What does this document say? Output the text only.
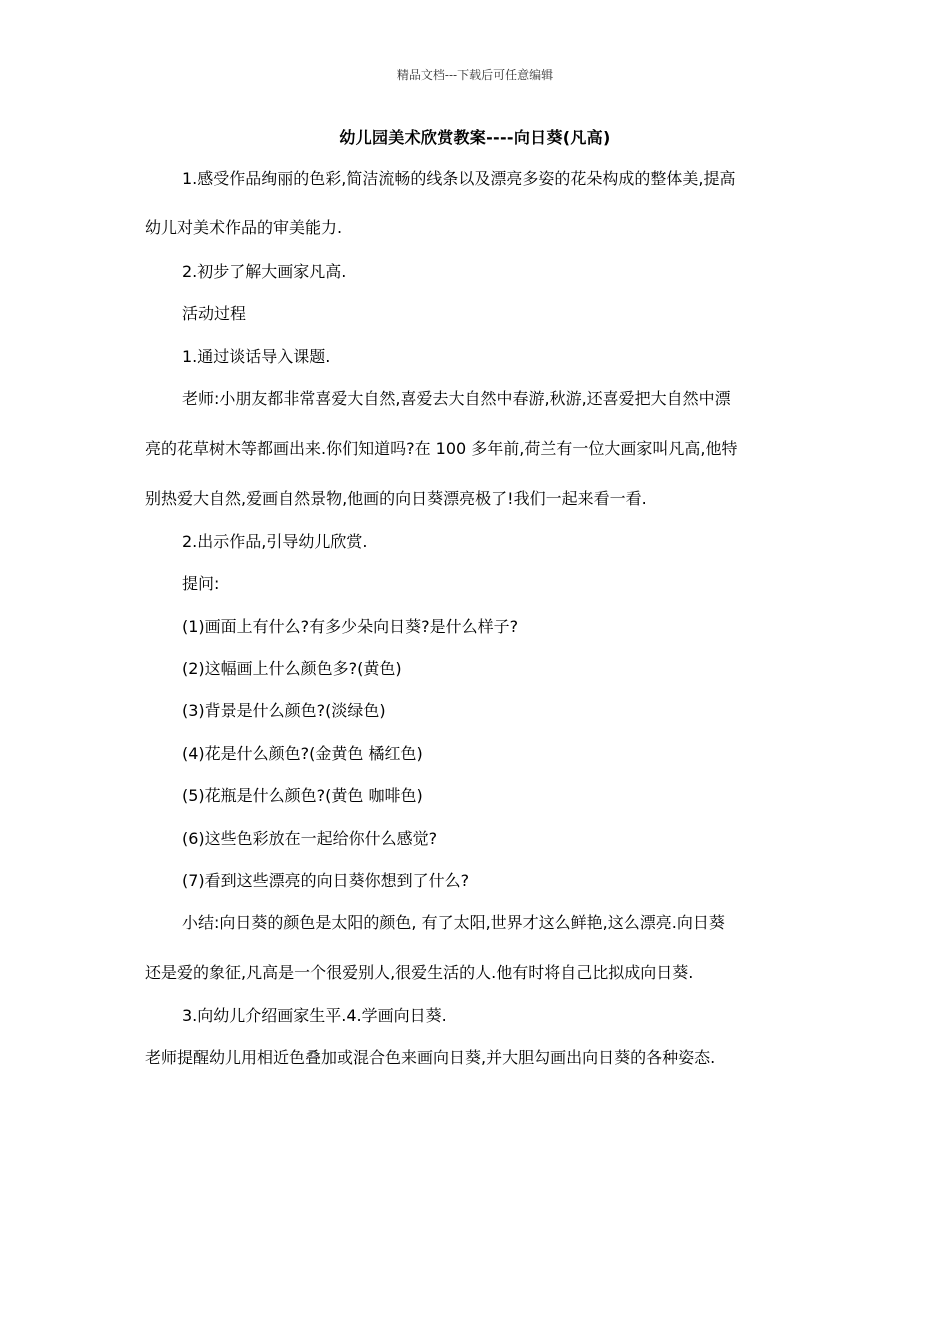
精品文档---下载后可任意编辑
幼儿园美术欣赏教案----向日葵(凡高)
1.感受作品绚丽的色彩,简洁流畅的线条以及漂亮多姿的花朵构成的整体美,提高
幼儿对美术作品的审美能力.
2.初步了解大画家凡高.
活动过程
1.通过谈话导入课题.
老师:小朋友都非常喜爱大自然,喜爱去大自然中春游,秋游,还喜爱把大自然中漂
亮的花草树木等都画出来.你们知道吗?在 100 多年前,荷兰有一位大画家叫凡高,他特
别热爱大自然,爱画自然景物,他画的向日葵漂亮极了!我们一起来看一看.
2.出示作品,引导幼儿欣赏.
提问:
(1)画面上有什么?有多少朵向日葵?是什么样子?
(2)这幅画上什么颜色多?(黄色)
(3)背景是什么颜色?(淡绿色)
(4)花是什么颜色?(金黄色 橘红色)
(5)花瓶是什么颜色?(黄色 咖啡色)
(6)这些色彩放在一起给你什么感觉?
(7)看到这些漂亮的向日葵你想到了什么?
小结:向日葵的颜色是太阳的颜色, 有了太阳,世界才这么鲜艳,这么漂亮.向日葵
还是爱的象征,凡高是一个很爱别人,很爱生活的人.他有时将自己比拟成向日葵.
3.向幼儿介绍画家生平.4.学画向日葵.
老师提醒幼儿用相近色叠加或混合色来画向日葵,并大胆勾画出向日葵的各种姿态.
